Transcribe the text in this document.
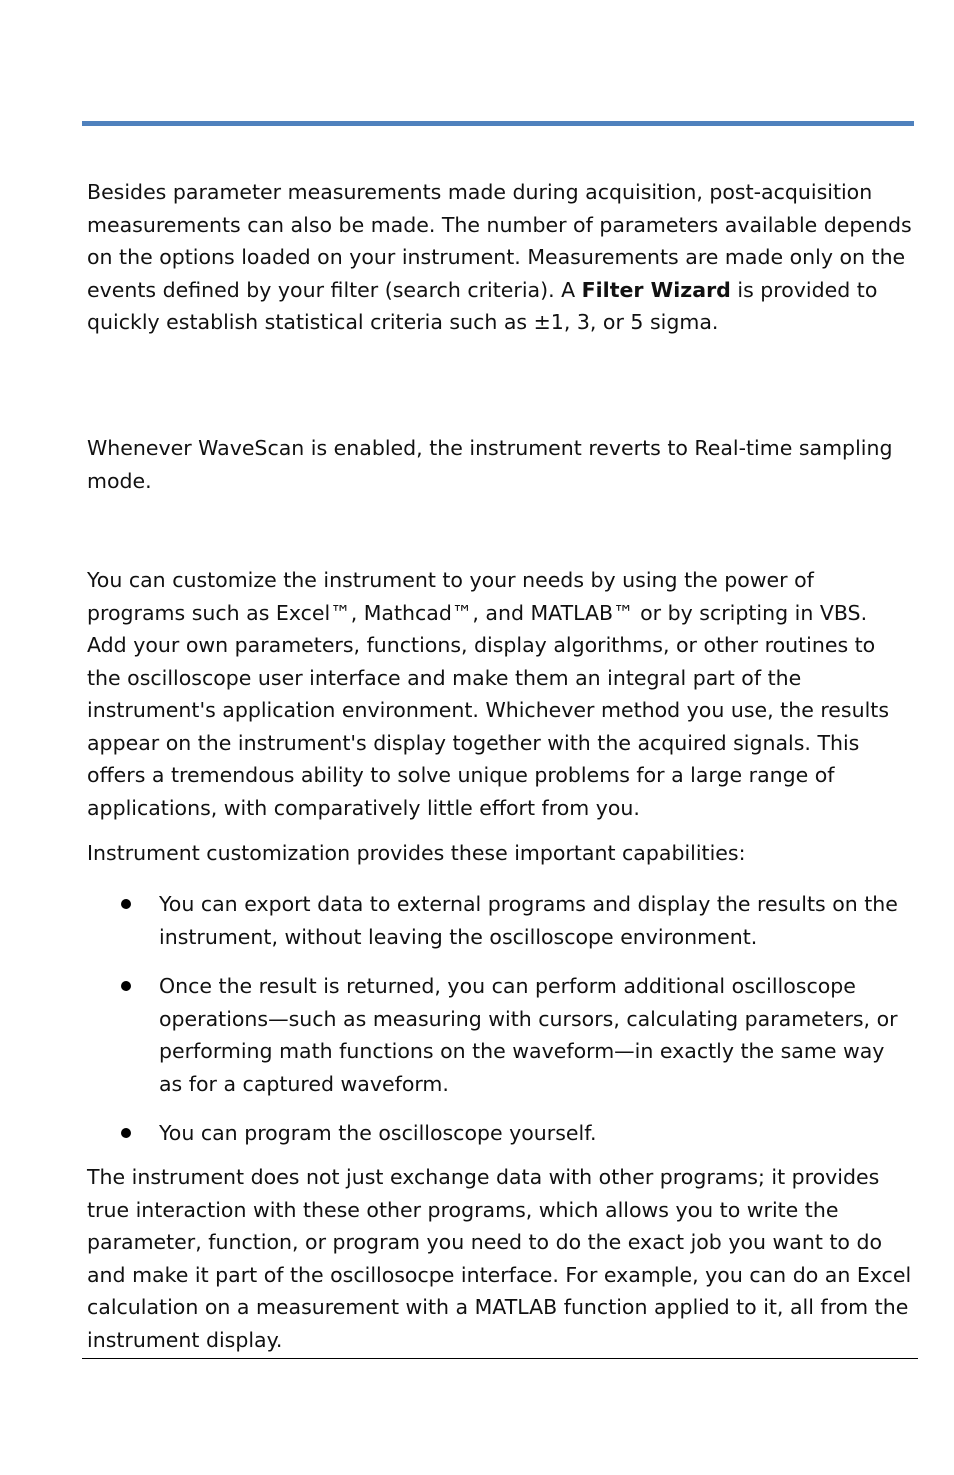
Besides parameter measurements made during acquisition, post-acquisition measurements can also be made. The number of parameters available depends on the options loaded on your instrument. Measurements are made only on the events defined by your filter (search criteria). A Filter Wizard is provided to quickly establish statistical criteria such as ±1, 3, or 5 sigma.

Whenever WaveScan is enabled, the instrument reverts to Real-time sampling mode.

You can customize the instrument to your needs by using the power of programs such as Excel™, Mathcad™, and MATLAB™ or by scripting in VBS. Add your own parameters, functions, display algorithms, or other routines to the oscilloscope user interface and make them an integral part of the instrument's application environment. Whichever method you use, the results appear on the instrument's display together with the acquired signals. This offers a tremendous ability to solve unique problems for a large range of applications, with comparatively little effort from you.

Instrument customization provides these important capabilities:

You can export data to external programs and display the results on the instrument, without leaving the oscilloscope environment.
Once the result is returned, you can perform additional oscilloscope operations—such as measuring with cursors, calculating parameters, or performing math functions on the waveform—in exactly the same way as for a captured waveform.
You can program the oscilloscope yourself.

The instrument does not just exchange data with other programs; it provides true interaction with these other programs, which allows you to write the parameter, function, or program you need to do the exact job you want to do and make it part of the oscillosocpe interface. For example, you can do an Excel calculation on a measurement with a MATLAB function applied to it, all from the instrument display.
